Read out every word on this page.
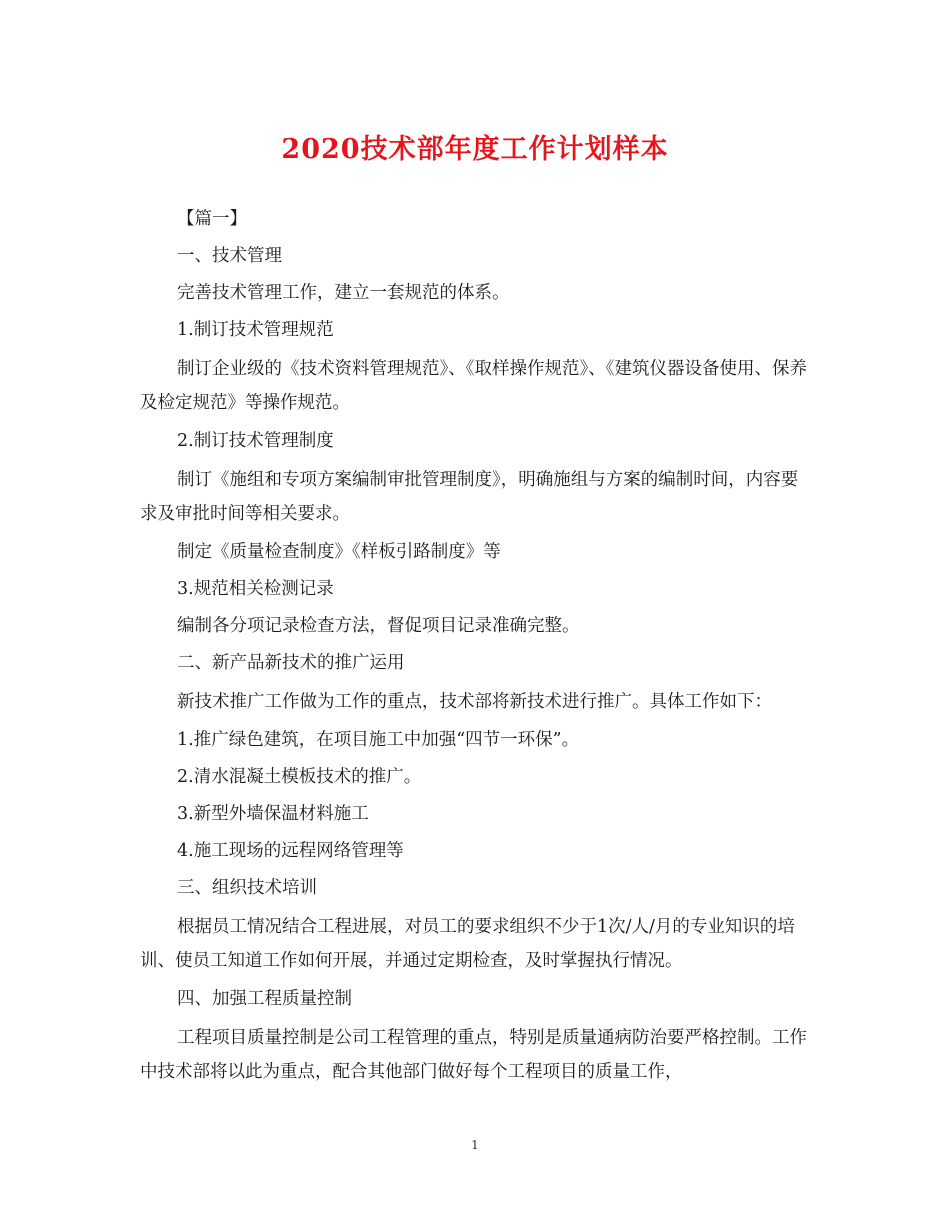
2020技术部年度工作计划样本

【篇一】

一、技术管理

完善技术管理工作，建立一套规范的体系。

1.制订技术管理规范

制订企业级的《技术资料管理规范》、《取样操作规范》、《建筑仪器设备使用、保养及检定规范》等操作规范。

2.制订技术管理制度

制订《施组和专项方案编制审批管理制度》，明确施组与方案的编制时间，内容要求及审批时间等相关要求。

制定《质量检查制度》《样板引路制度》等

3.规范相关检测记录

编制各分项记录检查方法，督促项目记录准确完整。

二、新产品新技术的推广运用

新技术推广工作做为工作的重点，技术部将新技术进行推广。具体工作如下：

1.推广绿色建筑，在项目施工中加强“四节一环保”。

2.清水混凝土模板技术的推广。

3.新型外墙保温材料施工

4.施工现场的远程网络管理等

三、组织技术培训

根据员工情况结合工程进展，对员工的要求组织不少于1次/人/月的专业知识的培训、使员工知道工作如何开展，并通过定期检查，及时掌握执行情况。

四、加强工程质量控制

工程项目质量控制是公司工程管理的重点，特别是质量通病防治要严格控制。工作中技术部将以此为重点，配合其他部门做好每个工程项目的质量工作，

1
